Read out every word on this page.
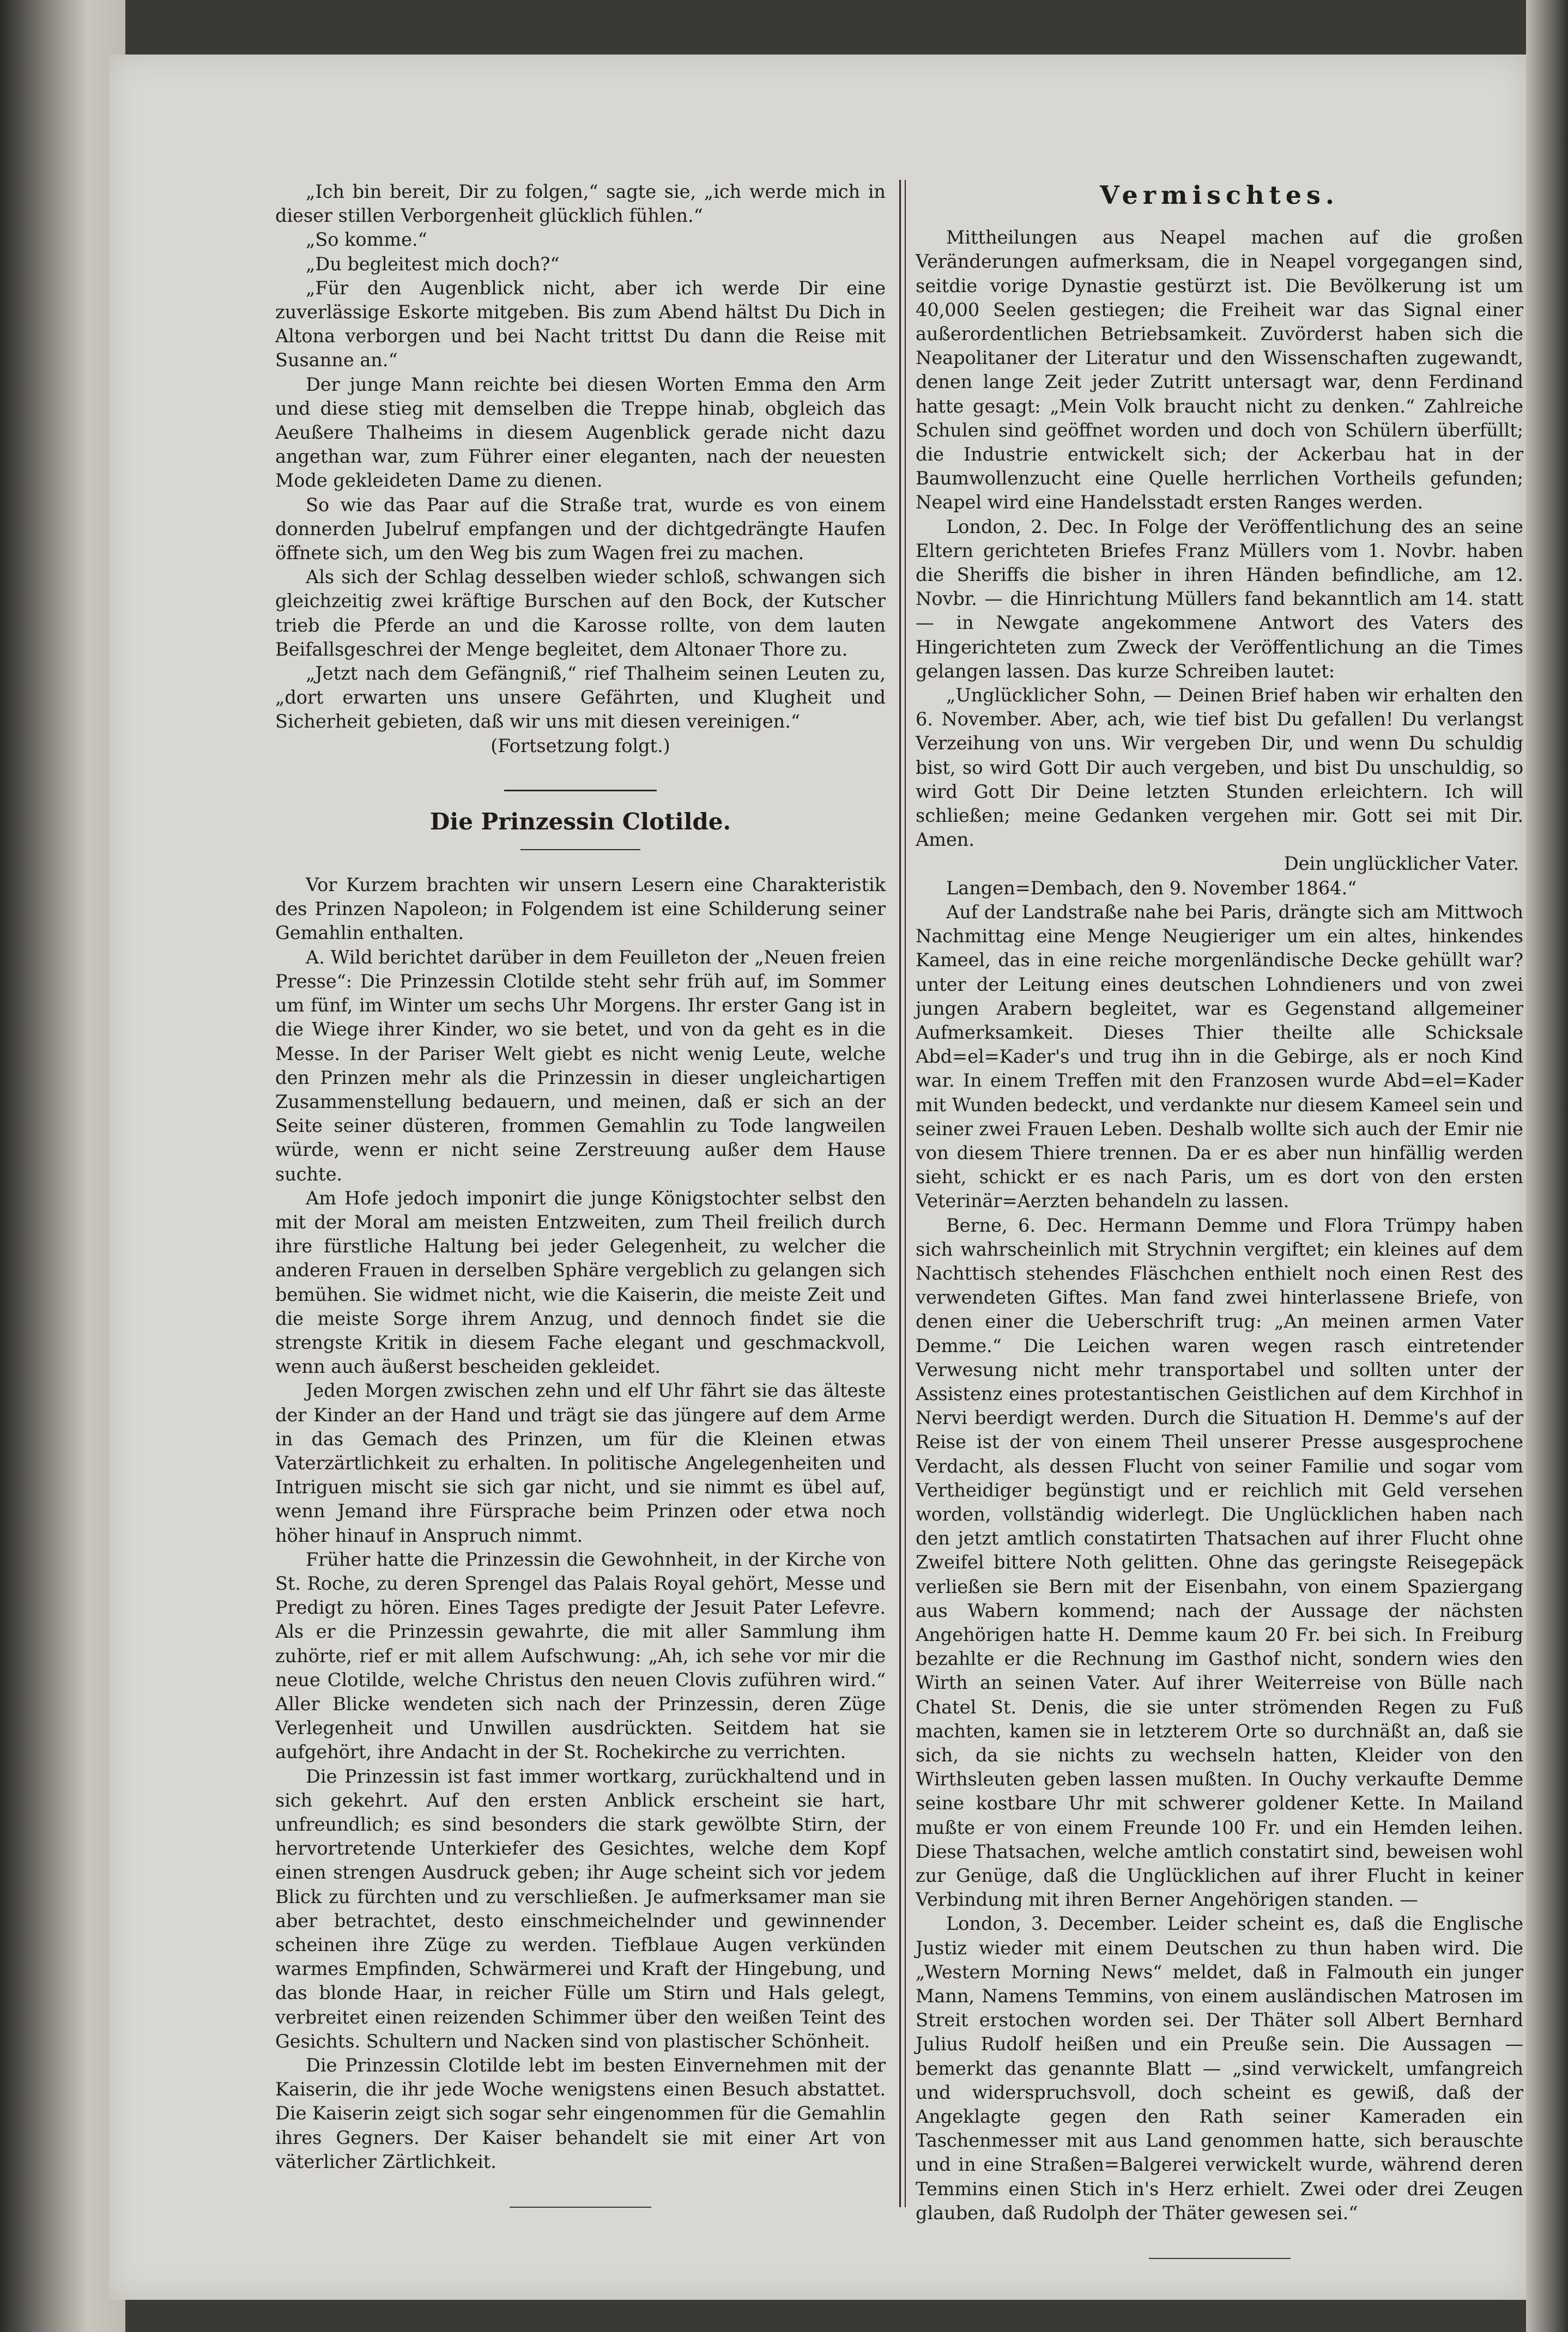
„Ich bin bereit, Dir zu folgen,“ sagte sie, „ich werde mich in dieser stillen Verborgenheit glücklich fühlen.“

„So komme.“

„Du begleitest mich doch?“

„Für den Augenblick nicht, aber ich werde Dir eine zuverlässige Eskorte mitgeben. Bis zum Abend hältst Du Dich in Altona verborgen und bei Nacht trittst Du dann die Reise mit Susanne an.“

Der junge Mann reichte bei diesen Worten Emma den Arm und diese stieg mit demselben die Treppe hinab, obgleich das Aeußere Thalheims in diesem Augenblick gerade nicht dazu angethan war, zum Führer einer eleganten, nach der neuesten Mode gekleideten Dame zu dienen.

So wie das Paar auf die Straße trat, wurde es von einem donnerden Jubelruf empfangen und der dichtgedrängte Haufen öffnete sich, um den Weg bis zum Wagen frei zu machen.

Als sich der Schlag desselben wieder schloß, schwangen sich gleichzeitig zwei kräftige Burschen auf den Bock, der Kutscher trieb die Pferde an und die Karosse rollte, von dem lauten Beifallsgeschrei der Menge begleitet, dem Altonaer Thore zu.

„Jetzt nach dem Gefängniß,“ rief Thalheim seinen Leuten zu, „dort erwarten uns unsere Gefährten, und Klugheit und Sicherheit gebieten, daß wir uns mit diesen vereinigen.“

(Fortsetzung folgt.)

Die Prinzessin Clotilde.

Vor Kurzem brachten wir unsern Lesern eine Charakteristik des Prinzen Napoleon; in Folgendem ist eine Schilderung seiner Gemahlin enthalten.

A. Wild berichtet darüber in dem Feuilleton der „Neuen freien Presse“: Die Prinzessin Clotilde steht sehr früh auf, im Sommer um fünf, im Winter um sechs Uhr Morgens. Ihr erster Gang ist in die Wiege ihrer Kinder, wo sie betet, und von da geht es in die Messe. In der Pariser Welt giebt es nicht wenig Leute, welche den Prinzen mehr als die Prinzessin in dieser ungleichartigen Zusammenstellung bedauern, und meinen, daß er sich an der Seite seiner düsteren, frommen Gemahlin zu Tode langweilen würde, wenn er nicht seine Zerstreuung außer dem Hause suchte.

Am Hofe jedoch imponirt die junge Königstochter selbst den mit der Moral am meisten Entzweiten, zum Theil freilich durch ihre fürstliche Haltung bei jeder Gelegenheit, zu welcher die anderen Frauen in derselben Sphäre vergeblich zu gelangen sich bemühen. Sie widmet nicht, wie die Kaiserin, die meiste Zeit und die meiste Sorge ihrem Anzug, und dennoch findet sie die strengste Kritik in diesem Fache elegant und geschmackvoll, wenn auch äußerst bescheiden gekleidet.

Jeden Morgen zwischen zehn und elf Uhr fährt sie das älteste der Kinder an der Hand und trägt sie das jüngere auf dem Arme in das Gemach des Prinzen, um für die Kleinen etwas Vaterzärtlichkeit zu erhalten. In politische Angelegenheiten und Intriguen mischt sie sich gar nicht, und sie nimmt es übel auf, wenn Jemand ihre Fürsprache beim Prinzen oder etwa noch höher hinauf in Anspruch nimmt.

Früher hatte die Prinzessin die Gewohnheit, in der Kirche von St. Roche, zu deren Sprengel das Palais Royal gehört, Messe und Predigt zu hören. Eines Tages predigte der Jesuit Pater Lefevre. Als er die Prinzessin gewahrte, die mit aller Sammlung ihm zuhörte, rief er mit allem Aufschwung: „Ah, ich sehe vor mir die neue Clotilde, welche Christus den neuen Clovis zuführen wird.“ Aller Blicke wendeten sich nach der Prinzessin, deren Züge Verlegenheit und Unwillen ausdrückten. Seitdem hat sie aufgehört, ihre Andacht in der St. Rochekirche zu verrichten.

Die Prinzessin ist fast immer wortkarg, zurückhaltend und in sich gekehrt. Auf den ersten Anblick erscheint sie hart, unfreundlich; es sind besonders die stark gewölbte Stirn, der hervortretende Unterkiefer des Gesichtes, welche dem Kopf einen strengen Ausdruck geben; ihr Auge scheint sich vor jedem Blick zu fürchten und zu verschließen. Je aufmerksamer man sie aber betrachtet, desto einschmeichelnder und gewinnender scheinen ihre Züge zu werden. Tiefblaue Augen verkünden warmes Empfinden, Schwärmerei und Kraft der Hingebung, und das blonde Haar, in reicher Fülle um Stirn und Hals gelegt, verbreitet einen reizenden Schimmer über den weißen Teint des Gesichts. Schultern und Nacken sind von plastischer Schönheit.

Die Prinzessin Clotilde lebt im besten Einvernehmen mit der Kaiserin, die ihr jede Woche wenigstens einen Besuch abstattet. Die Kaiserin zeigt sich sogar sehr eingenommen für die Gemahlin ihres Gegners. Der Kaiser behandelt sie mit einer Art von väterlicher Zärtlichkeit.

Vermischtes.

Mittheilungen aus Neapel machen auf die großen Veränderungen aufmerksam, die in Neapel vorgegangen sind, seitdie vorige Dynastie gestürzt ist. Die Bevölkerung ist um 40,000 Seelen gestiegen; die Freiheit war das Signal einer außerordentlichen Betriebsamkeit. Zuvörderst haben sich die Neapolitaner der Literatur und den Wissenschaften zugewandt, denen lange Zeit jeder Zutritt untersagt war, denn Ferdinand hatte gesagt: „Mein Volk braucht nicht zu denken.“ Zahlreiche Schulen sind geöffnet worden und doch von Schülern überfüllt; die Industrie entwickelt sich; der Ackerbau hat in der Baumwollenzucht eine Quelle herrlichen Vortheils gefunden; Neapel wird eine Handelsstadt ersten Ranges werden.

London, 2. Dec. In Folge der Veröffentlichung des an seine Eltern gerichteten Briefes Franz Müllers vom 1. Novbr. haben die Sheriffs die bisher in ihren Händen befindliche, am 12. Novbr. — die Hinrichtung Müllers fand bekanntlich am 14. statt — in Newgate angekommene Antwort des Vaters des Hingerichteten zum Zweck der Veröffentlichung an die Times gelangen lassen. Das kurze Schreiben lautet:

„Unglücklicher Sohn, — Deinen Brief haben wir erhalten den 6. November. Aber, ach, wie tief bist Du gefallen! Du verlangst Verzeihung von uns. Wir vergeben Dir, und wenn Du schuldig bist, so wird Gott Dir auch vergeben, und bist Du unschuldig, so wird Gott Dir Deine letzten Stunden erleichtern. Ich will schließen; meine Gedanken vergehen mir. Gott sei mit Dir. Amen.

Dein unglücklicher Vater.

Langen=Dembach, den 9. November 1864.“

Auf der Landstraße nahe bei Paris, drängte sich am Mittwoch Nachmittag eine Menge Neugieriger um ein altes, hinkendes Kameel, das in eine reiche morgenländische Decke gehüllt war? unter der Leitung eines deutschen Lohndieners und von zwei jungen Arabern begleitet, war es Gegenstand allgemeiner Aufmerksamkeit. Dieses Thier theilte alle Schicksale Abd=el=Kader's und trug ihn in die Gebirge, als er noch Kind war. In einem Treffen mit den Franzosen wurde Abd=el=Kader mit Wunden bedeckt, und verdankte nur diesem Kameel sein und seiner zwei Frauen Leben. Deshalb wollte sich auch der Emir nie von diesem Thiere trennen. Da er es aber nun hinfällig werden sieht, schickt er es nach Paris, um es dort von den ersten Veterinär=Aerzten behandeln zu lassen.

Berne, 6. Dec. Hermann Demme und Flora Trümpy haben sich wahrscheinlich mit Strychnin vergiftet; ein kleines auf dem Nachttisch stehendes Fläschchen enthielt noch einen Rest des verwendeten Giftes. Man fand zwei hinterlassene Briefe, von denen einer die Ueberschrift trug: „An meinen armen Vater Demme.“ Die Leichen waren wegen rasch eintretender Verwesung nicht mehr transportabel und sollten unter der Assistenz eines protestantischen Geistlichen auf dem Kirchhof in Nervi beerdigt werden. Durch die Situation H. Demme's auf der Reise ist der von einem Theil unserer Presse ausgesprochene Verdacht, als dessen Flucht von seiner Familie und sogar vom Vertheidiger begünstigt und er reichlich mit Geld versehen worden, vollständig widerlegt. Die Unglücklichen haben nach den jetzt amtlich constatirten Thatsachen auf ihrer Flucht ohne Zweifel bittere Noth gelitten. Ohne das geringste Reisegepäck verließen sie Bern mit der Eisenbahn, von einem Spaziergang aus Wabern kommend; nach der Aussage der nächsten Angehörigen hatte H. Demme kaum 20 Fr. bei sich. In Freiburg bezahlte er die Rechnung im Gasthof nicht, sondern wies den Wirth an seinen Vater. Auf ihrer Weiterreise von Bülle nach Chatel St. Denis, die sie unter strömenden Regen zu Fuß machten, kamen sie in letzterem Orte so durchnäßt an, daß sie sich, da sie nichts zu wechseln hatten, Kleider von den Wirthsleuten geben lassen mußten. In Ouchy verkaufte Demme seine kostbare Uhr mit schwerer goldener Kette. In Mailand mußte er von einem Freunde 100 Fr. und ein Hemden leihen. Diese Thatsachen, welche amtlich constatirt sind, beweisen wohl zur Genüge, daß die Unglücklichen auf ihrer Flucht in keiner Verbindung mit ihren Berner Angehörigen standen. —

London, 3. December. Leider scheint es, daß die Englische Justiz wieder mit einem Deutschen zu thun haben wird. Die „Western Morning News“ meldet, daß in Falmouth ein junger Mann, Namens Temmins, von einem ausländischen Matrosen im Streit erstochen worden sei. Der Thäter soll Albert Bernhard Julius Rudolf heißen und ein Preuße sein. Die Aussagen — bemerkt das genannte Blatt — „sind verwickelt, umfangreich und widerspruchsvoll, doch scheint es gewiß, daß der Angeklagte gegen den Rath seiner Kameraden ein Taschenmesser mit aus Land genommen hatte, sich berauschte und in eine Straßen=Balgerei verwickelt wurde, während deren Temmins einen Stich in's Herz erhielt. Zwei oder drei Zeugen glauben, daß Rudolph der Thäter gewesen sei.“
